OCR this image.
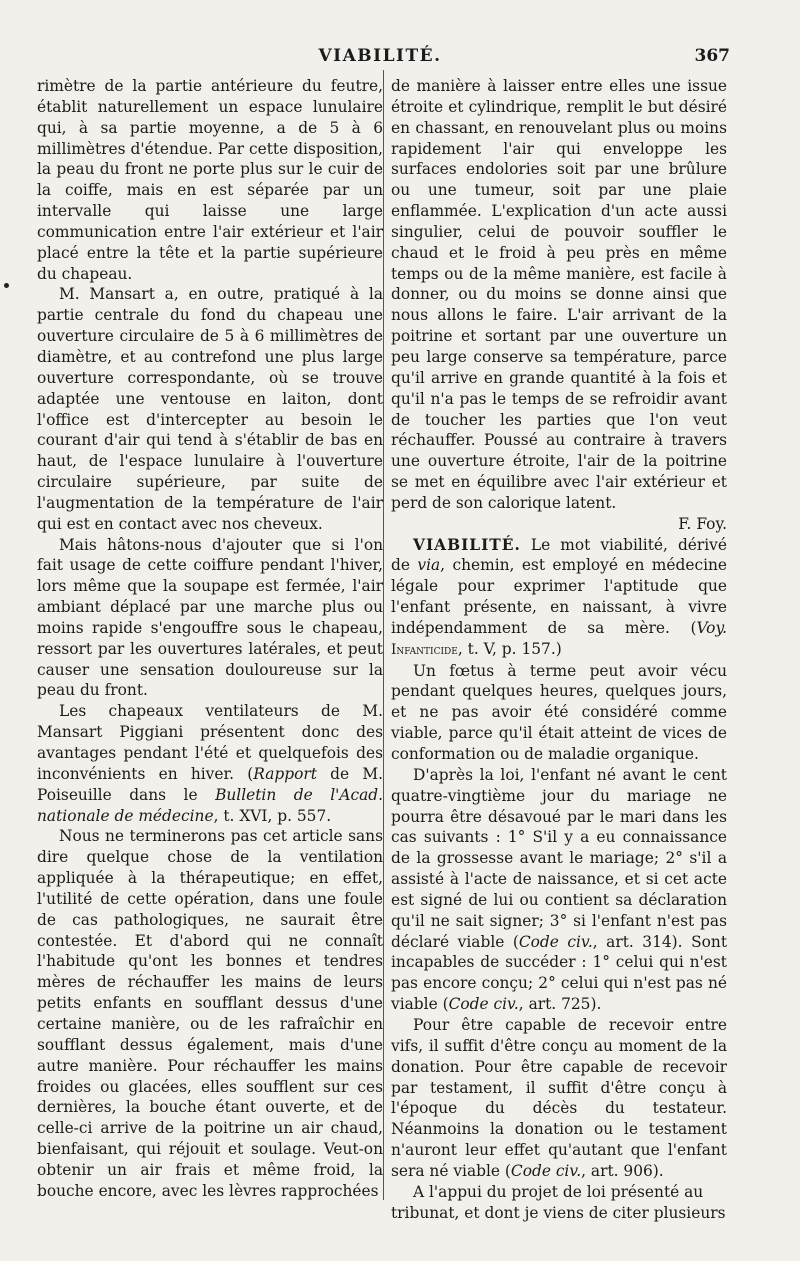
VIABILITÉ.	367

rimètre de la partie antérieure du feutre, établit naturellement un espace lunulaire qui, à sa partie moyenne, a de 5 à 6 millimètres d'étendue. Par cette disposition, la peau du front ne porte plus sur le cuir de la coiffe, mais en est séparée par un intervalle qui laisse une large communication entre l'air extérieur et l'air placé entre la tête et la partie supérieure du chapeau.

M. Mansart a, en outre, pratiqué à la partie centrale du fond du chapeau une ouverture circulaire de 5 à 6 millimètres de diamètre, et au contrefond une plus large ouverture correspondante, où se trouve adaptée une ventouse en laiton, dont l'office est d'intercepter au besoin le courant d'air qui tend à s'établir de bas en haut, de l'espace lunulaire à l'ouverture circulaire supérieure, par suite de l'augmentation de la température de l'air qui est en contact avec nos cheveux.

Mais hâtons-nous d'ajouter que si l'on fait usage de cette coiffure pendant l'hiver, lors même que la soupape est fermée, l'air ambiant déplacé par une marche plus ou moins rapide s'engouffre sous le chapeau, ressort par les ouvertures latérales, et peut causer une sensation douloureuse sur la peau du front.

Les chapeaux ventilateurs de M. Mansart Piggiani présentent donc des avantages pendant l'été et quelquefois des inconvénients en hiver. (Rapport de M. Poiseuille dans le Bulletin de l'Acad. nationale de médecine, t. XVI, p. 557.

Nous ne terminerons pas cet article sans dire quelque chose de la ventilation appliquée à la thérapeutique; en effet, l'utilité de cette opération, dans une foule de cas pathologiques, ne saurait être contestée. Et d'abord qui ne connaît l'habitude qu'ont les bonnes et tendres mères de réchauffer les mains de leurs petits enfants en soufflant dessus d'une certaine manière, ou de les rafraîchir en soufflant dessus également, mais d'une autre manière. Pour réchauffer les mains froides ou glacées, elles soufflent sur ces dernières, la bouche étant ouverte, et de celle-ci arrive de la poitrine un air chaud, bienfaisant, qui réjouit et soulage. Veut-on obtenir un air frais et même froid, la bouche encore, avec les lèvres rapprochées

de manière à laisser entre elles une issue étroite et cylindrique, remplit le but désiré en chassant, en renouvelant plus ou moins rapidement l'air qui enveloppe les surfaces endolories soit par une brûlure ou une tumeur, soit par une plaie enflammée. L'explication d'un acte aussi singulier, celui de pouvoir souffler le chaud et le froid à peu près en même temps ou de la même manière, est facile à donner, ou du moins se donne ainsi que nous allons le faire. L'air arrivant de la poitrine et sortant par une ouverture un peu large conserve sa température, parce qu'il arrive en grande quantité à la fois et qu'il n'a pas le temps de se refroidir avant de toucher les parties que l'on veut réchauffer. Poussé au contraire à travers une ouverture étroite, l'air de la poitrine se met en équilibre avec l'air extérieur et perd de son calorique latent.

F. Foy.

VIABILITÉ. Le mot viabilité, dérivé de via, chemin, est employé en médecine légale pour exprimer l'aptitude que l'enfant présente, en naissant, à vivre indépendamment de sa mère. (Voy. Infanticide, t. V, p. 157.)

Un fœtus à terme peut avoir vécu pendant quelques heures, quelques jours, et ne pas avoir été considéré comme viable, parce qu'il était atteint de vices de conformation ou de maladie organique.

D'après la loi, l'enfant né avant le cent quatre-vingtième jour du mariage ne pourra être désavoué par le mari dans les cas suivants : 1° S'il y a eu connaissance de la grossesse avant le mariage; 2° s'il a assisté à l'acte de naissance, et si cet acte est signé de lui ou contient sa déclaration qu'il ne sait signer; 3° si l'enfant n'est pas déclaré viable (Code civ., art. 314). Sont incapables de succéder : 1° celui qui n'est pas encore conçu; 2° celui qui n'est pas né viable (Code civ., art. 725).

Pour être capable de recevoir entre vifs, il suffit d'être conçu au moment de la donation. Pour être capable de recevoir par testament, il suffit d'être conçu à l'époque du décès du testateur. Néanmoins la donation ou le testament n'auront leur effet qu'autant que l'enfant sera né viable (Code civ., art. 906).

A l'appui du projet de loi présenté au tribunat, et dont je viens de citer plusieurs
